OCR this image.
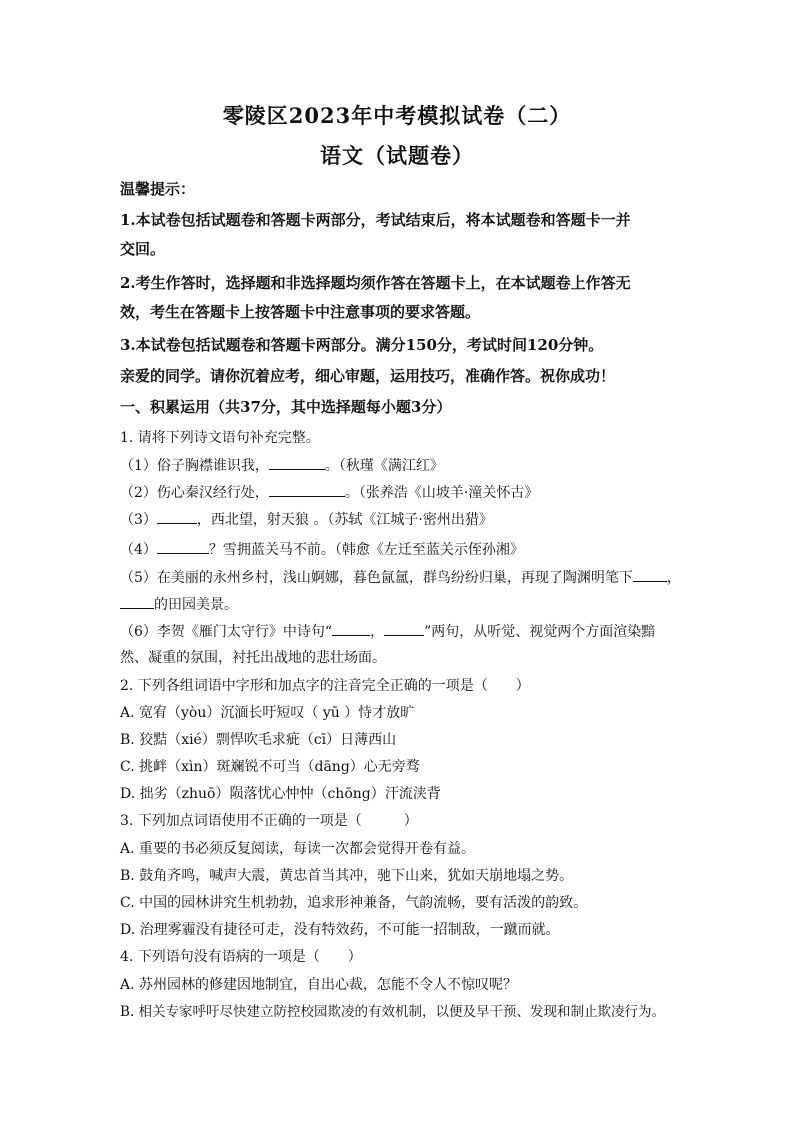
零陵区2023年中考模拟试卷（二）
语文（试题卷）
温馨提示：
1.本试卷包括试题卷和答题卡两部分，考试结束后，将本试题卷和答题卡一并
交回。
2.考生作答时，选择题和非选择题均须作答在答题卡上，在本试题卷上作答无
效，考生在答题卡上按答题卡中注意事项的要求答题。
3.本试卷包括试题卷和答题卡两部分。满分150分，考试时间120分钟。
亲爱的同学。请你沉着应考，细心审题，运用技巧，准确作答。祝你成功！
一、积累运用（共37分，其中选择题每小题3分）
1. 请将下列诗文语句补充完整。
（1）俗子胸襟谁识我，	。（秋瑾《满江红》
（2）伤心秦汉经行处，	。（张养浩《山坡羊·潼关怀古》
（3）	，西北望，射天狼 。（苏轼《江城子·密州出猎》
（4）	？雪拥蓝关马不前。（韩愈《左迁至蓝关示侄孙湘》
（5）在美丽的永州乡村，浅山婀娜，暮色氤氲，群鸟纷纷归巢，再现了陶渊明笔下 ，
的田园美景。
（6）李贺《雁门太守行》中诗句“	，	”两句，从听觉、视觉两个方面渲染黯
然、凝重的氛围，衬托出战地的悲壮场面。
2. 下列各组词语中字形和加点字的注音完全正确的一项是（　　）
A. 宽宥（yòu）沉湎长吁短叹（ yū ）恃才放旷
B. 狡黠（xié）剽悍吹毛求疵（cī）日薄西山
C. 挑衅（xìn）斑斓锐不可当（dāng）心无旁骛
D. 拙劣（zhuō）陨落忧心忡忡（chōng）汗流浃背
3. 下列加点词语使用不正确的一项是（　　　）
A. 重要的书必须反复阅读，每读一次都会觉得开卷有益。
B. 鼓角齐鸣，喊声大震，黄忠首当其冲，驰下山来，犹如天崩地塌之势。
C. 中国的园林讲究生机勃勃，追求形神兼备，气韵流畅，要有活泼的韵致。
D. 治理雾霾没有捷径可走，没有特效药，不可能一招制敌，一蹴而就。
4. 下列语句没有语病的一项是（　　）
A. 苏州园林的修建因地制宜，自出心裁，怎能不令人不惊叹呢？
B. 相关专家呼吁尽快建立防控校园欺凌的有效机制，以便及早干预、发现和制止欺凌行为。
